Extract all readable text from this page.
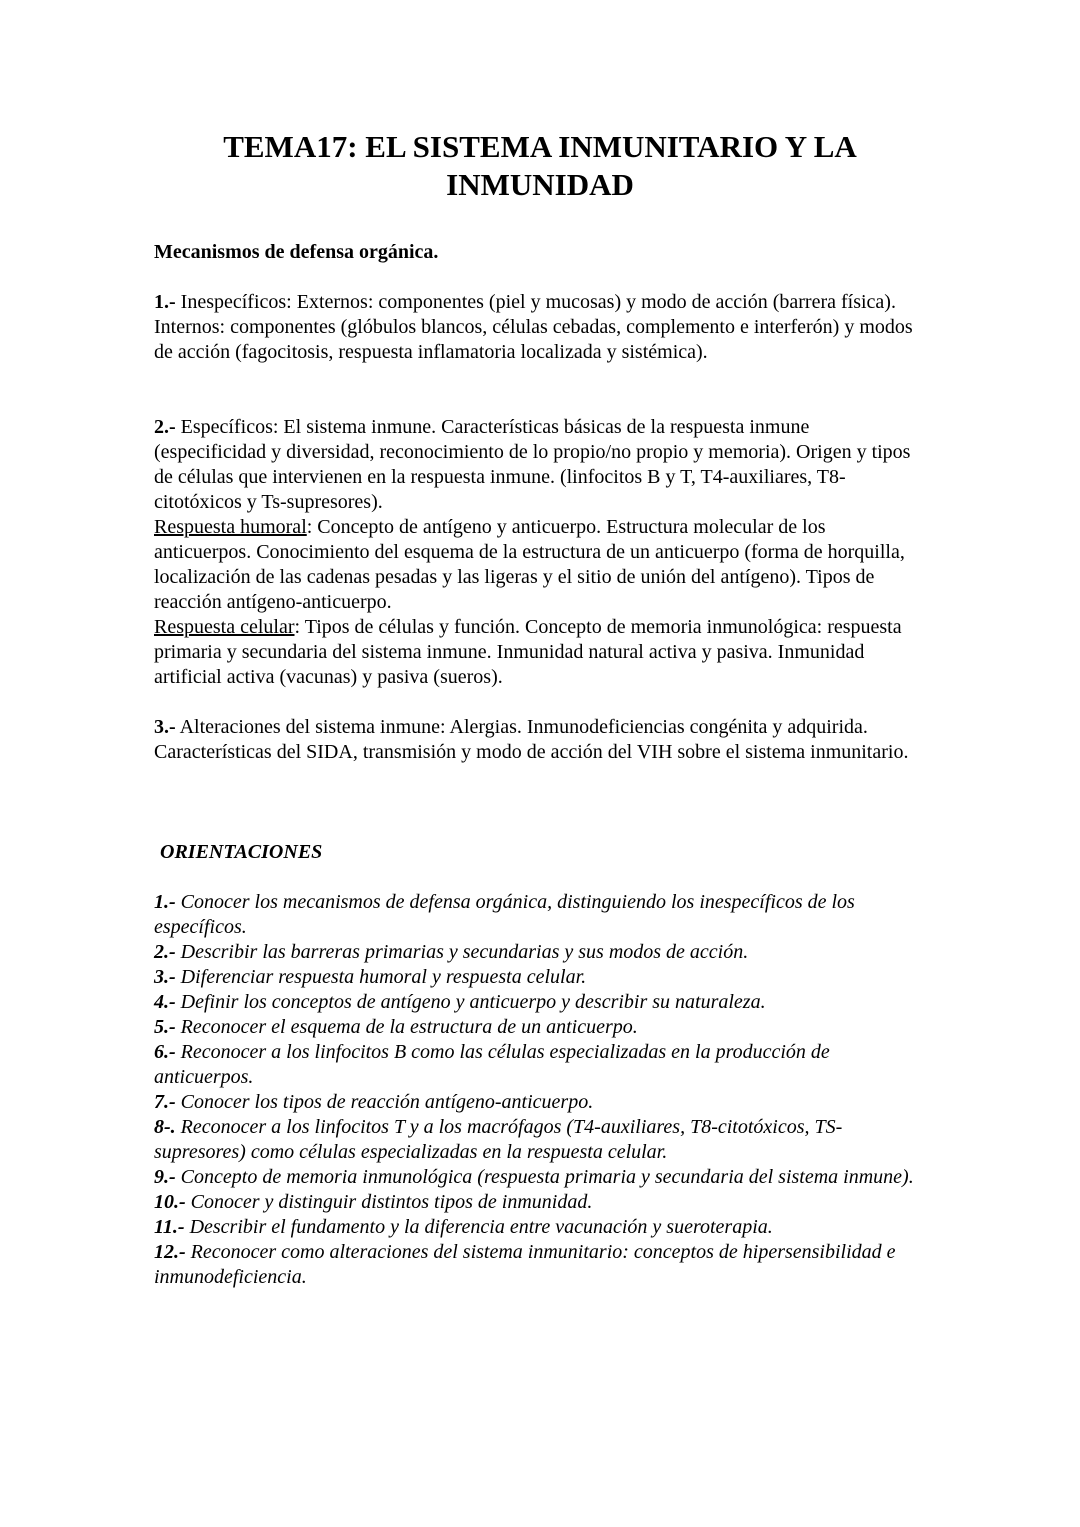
TEMA17: EL SISTEMA INMUNITARIO Y LA
INMUNIDAD

Mecanismos de defensa orgánica.

1.- Inespecíficos: Externos: componentes (piel y mucosas) y modo de acción (barrera física).
Internos: componentes (glóbulos blancos, células cebadas, complemento e interferón) y modos de acción (fagocitosis, respuesta inflamatoria localizada y sistémica).

2.- Específicos: El sistema inmune. Características básicas de la respuesta inmune (especificidad y diversidad, reconocimiento de lo propio/no propio y memoria). Origen y tipos de células que intervienen en la respuesta inmune. (linfocitos B y T, T4-auxiliares, T8-citotóxicos y Ts-supresores).
Respuesta humoral: Concepto de antígeno y anticuerpo. Estructura molecular de los anticuerpos. Conocimiento del esquema de la estructura de un anticuerpo (forma de horquilla, localización de las cadenas pesadas y las ligeras y el sitio de unión del antígeno). Tipos de reacción antígeno-anticuerpo.
Respuesta celular: Tipos de células y función. Concepto de memoria inmunológica: respuesta primaria y secundaria del sistema inmune. Inmunidad natural activa y pasiva. Inmunidad artificial activa (vacunas) y pasiva (sueros).

3.- Alteraciones del sistema inmune: Alergias. Inmunodeficiencias congénita y adquirida. Características del SIDA, transmisión y modo de acción del VIH sobre el sistema inmunitario.

ORIENTACIONES

1.- Conocer los mecanismos de defensa orgánica, distinguiendo los inespecíficos de los específicos.
2.- Describir las barreras primarias y secundarias y sus modos de acción.
3.- Diferenciar respuesta humoral y respuesta celular.
4.- Definir los conceptos de antígeno y anticuerpo y describir su naturaleza.
5.- Reconocer el esquema de la estructura de un anticuerpo.
6.- Reconocer a los linfocitos B como las células especializadas en la producción de anticuerpos.
7.- Conocer los tipos de reacción antígeno-anticuerpo.
8-. Reconocer a los linfocitos T y a los macrófagos (T4-auxiliares, T8-citotóxicos, TS-supresores) como células especializadas en la respuesta celular.
9.- Concepto de memoria inmunológica (respuesta primaria y secundaria del sistema inmune).
10.- Conocer y distinguir distintos tipos de inmunidad.
11.- Describir el fundamento y la diferencia entre vacunación y sueroterapia.
12.- Reconocer como alteraciones del sistema inmunitario: conceptos de hipersensibilidad e inmunodeficiencia.
